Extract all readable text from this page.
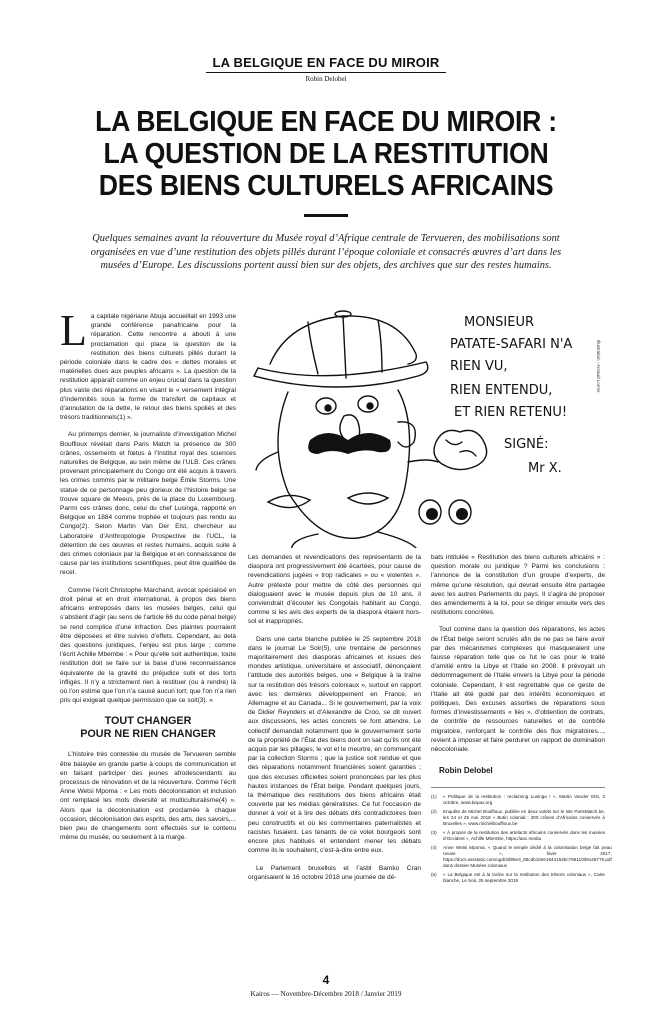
LA BELGIQUE EN FACE DU MIROIR
Robin Delobel
LA BELGIQUE EN FACE DU MIROIR :
LA QUESTION DE LA RESTITUTION
DES BIENS CULTURELS AFRICAINS
Quelques semaines avant la réouverture du Musée royal d’Afrique centrale de Tervueren, des mobilisations sont organisées en vue d’une restitution des objets pillés durant l’époque coloniale et consacrés œuvres d’art dans les musées d’Europe. Les discussions portent aussi bien sur des objets, des archives que sur des restes humains.

La capitale nigériane Abuja accueillait en 1993 une grande conférence panafricaine pour la réparation. Cette rencontre a abouti à une proclamation qui place la question de la restitution des biens culturels pillés durant la période coloniale dans le cadre des « dettes morales et matérielles dues aux peuples africains ». La question de la restitution apparaît comme un enjeu crucial dans la question plus vaste des réparations en visant le « versement intégral d’indemnités sous la forme de transfert de capitaux et d’annulation de la dette, le retour des biens spoliés et des trésors traditionnels(1) ».

Au printemps dernier, le journaliste d’investigation Michel Bouffioux révélait dans Paris Match la présence de 300 crânes, ossements et fœtus à l’Institut royal des sciences naturelles de Belgique, au sein même de l’ULB. Ces crânes provenant principalement du Congo ont été acquis à travers les crimes commis par le militaire belge Émile Storms. Une statue de ce personnage peu glorieux de l’histoire belge se trouve square de Meeus, près de la place du Luxembourg. Parmi ces crânes donc, celui du chef Lusinga, rapporté en Belgique en 1884 comme trophée et toujours pas rendu au Congo(2). Selon Martin Van Der Elst, chercheur au Laboratoire d’Anthropologie Prospective de l’UCL, la détention de ces œuvres et restes humains, acquis suite à des crimes coloniaux par la Belgique et en connaissance de cause par les institutions scientifiques, peut être qualifiée de recel.

Comme l’écrit Christophe Marchand, avocat spécialisé en droit pénal et en droit international, à propos des biens africains entreposés dans les musées belges, celui qui s’abstient d’agir (au sens de l’article 66 du code pénal belge) se rend complice d’une infraction. Des plaintes pourraient être déposées et être suivies d’effets. Cependant, au delà des questions juridiques, l’enjeu est plus large ; comme l’écrit Achille Mbembe : « Pour qu’elle soit authentique, toute restitution doit se faire sur la base d’une reconnaissance équivalente de la gravité du préjudice subi et des torts infligés. Il n’y a strictement rien à restituer (ou à rendre) là où l’on estime que l’on n’a causé aucun tort; que l’on n’a rien pris qui exigeait quelque permission que ce soit(3). »

TOUT CHANGER
POUR NE RIEN CHANGER

L’histoire très contestée du musée de Tervueren semble être balayée en grande partie à coups de communication et en faisant participer des jeunes afrodescendants au processus de rénovation et de la réouverture. Comme l’écrit Anne Wetsi Mpoma : « Les mots décolonisation et inclusion ont remplacé les mots diversité et multiculturalisme(4) ». Alors que la décolonisation est proclamée à chaque occasion, décolonisation des esprits, des arts, des savoirs,... bien peu de changements sont effectués sur le contenu même du musée, ou seulement à la marge.

MONSIEUR
PATATE-SAFARI N'A
RIEN VU,
RIEN ENTENDU,
ET RIEN RETENU!
SIGNÉ:
Mr X.
Illustration : Arnaud Lorme

Les demandes et revendications des représentants de la diaspora ont progressivement été écartées, pour cause de revendications jugées « trop radicales » ou « violentes ». Autre prétexte pour mettre de côté des personnes qui dialoguaient avec le musée depuis plus de 10 ans, il conviendrait d’écouter les Congolais habitant au Congo, comme si les avis des experts de la diaspora étaient hors-sol et inappropriés.

Dans une carte blanche publiée le 25 septembre 2018 dans le journal Le Soir(5), une trentaine de personnes majoritairement des diasporas africaines et issues des mondes artistique, universitaire et associatif, dénonçaient l’attitude des autorités belges, une « Belgique à la traîne sur la restitution des trésors coloniaux », surtout en rapport avec les dernières développement en France, en Allemagne et au Canada... Si le gouvernement, par la voix de Didier Reynders et d’Alexandre de Croo, se dit ouvert aux discussions, les actes concrets se font attendre. Le collectif demandait notamment que le gouvernement sorte de la propriété de l’État des biens dont on sait qu’ils ont été acquis par les pillages, le vol et le meurtre, en commençant par la collection Storms ; que la justice soit rendue et que des réparations notamment financières soient garanties ; que des excuses officielles soient prononcées par les plus hautes instances de l’État belge. Pendant quelques jours, la thématique des restitutions des biens africains était couverte par les médias généralistes. Ce fut l’occasion de donner à voir et à lire des débats dits contradictoires bien peu constructifs et où les commentaires paternalistes et racistes fusaient. Les tenants de ce volet bourgeois sont encore plus habitués et entendent mener les débats comme ils le souhaitent, c’est-à-dire entre eux.

Le Parlement bruxellois et l’asbl Bamko Cran organisaient le 16 octobre 2018 une journée de dé-

bats intitulée « Restitution des biens culturels africains » : question morale ou juridique ? Parmi les conclusions : l’annonce de la constitution d’un groupe d’experts, de même qu’une résolution, qui devrait ensuite être partagée avec les autres Parlements du pays. Il s’agira de proposer des amendements à la loi, pour se diriger ensuite vers des restitutions concrètes.

Tout comme dans la question des réparations, les actes de l’État belge seront scrutés afin de ne pas se faire avoir par des mécanismes complexes qui masqueraient une fausse réparation telle que ce fut le cas pour le traité d’amitié entre la Libye et l’Italie en 2008. Il prévoyait un dédommagement de l’Italie envers la Libye pour la période coloniale. Cependant, il est regrettable que ce geste de l’Italie ait été guidé par des intérêts économiques et politiques. Des excuses assorties de réparations sous formes d’investissements « liés », d’obtention de contrats, de contrôle de ressources naturelles et de contrôle migratoire, renforçant le contrôle des flux migratoires..., revient à imposer et faire perdurer un rapport de domination néocoloniale.

Robin Delobel
(1)	« Politique de la restitution : reclaiming Lusinga ! », Martin Vander Elst, 3 octobre, www.bepax.org
(2)	Enquête de Michel Bouffioux, publiée en deux volets sur le site ParisMatch.be, les 24 et 25 mai 2018 « Butin colonial : 300 crânes d’Africains conservés à Bruxelles », www.michelbouffioux.be
(3)	« À propos de la restitution des artefacts africains conservés dans les musées d’Occident », Achille Mbembe, https://aoc.media
(4)	Anne Wetsi Mpoma, « Quand le temple dédié à la colonisation belge fait peau neuve », hiver 2017, https://docs.wixstatic.com/ugd/3d95e3_86cdb150e1844154bc75611008148776.pdf dans dossier Musées coloniaux
(5)	« La Belgique est à la traîne sur la restitution des trésors coloniaux », Carte blanche, Le Soir, 25 septembre 2018
4
Kairos — Novembre-Décembre 2018 / Janvier 2019
